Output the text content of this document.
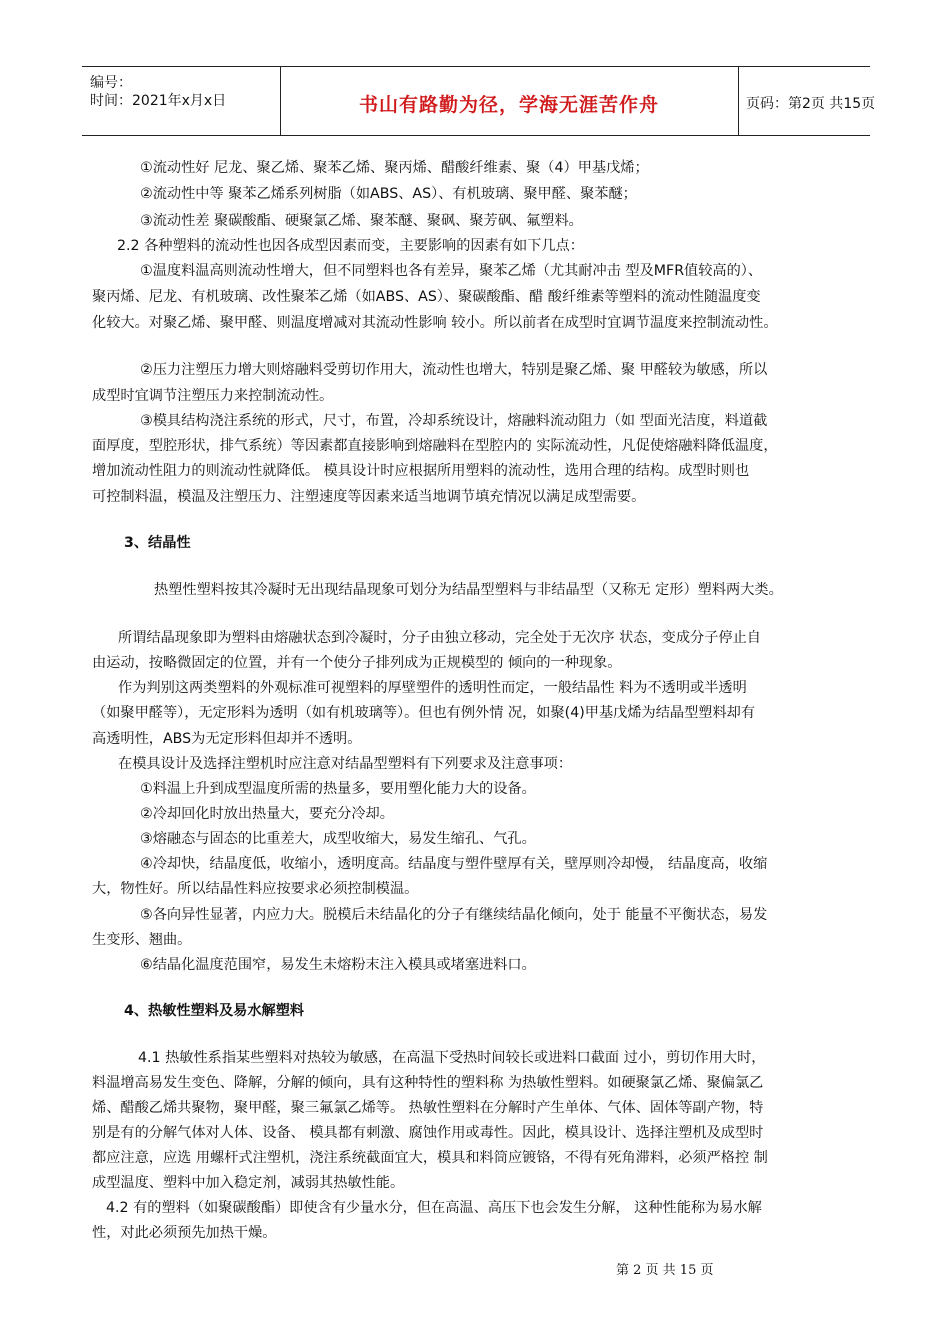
编号：
时间：2021年x月x日	书山有路勤为径，学海无涯苦作舟	页码：第2页 共15页
①流动性好 尼龙、聚乙烯、聚苯乙烯、聚丙烯、醋酸纤维素、聚（4）甲基戊烯；
②流动性中等 聚苯乙烯系列树脂（如ABS、AS）、有机玻璃、聚甲醛、聚苯醚；
③流动性差 聚碳酸酯、硬聚氯乙烯、聚苯醚、聚砜、聚芳砜、氟塑料。
2.2 各种塑料的流动性也因各成型因素而变，主要影响的因素有如下几点：
①温度料温高则流动性增大，但不同塑料也各有差异，聚苯乙烯（尤其耐冲击 型及MFR值较高的）、
聚丙烯、尼龙、有机玻璃、改性聚苯乙烯（如ABS、AS）、聚碳酸酯、醋 酸纤维素等塑料的流动性随温度变
化较大。对聚乙烯、聚甲醛、则温度增减对其流动性影响 较小。所以前者在成型时宜调节温度来控制流动性。
②压力注塑压力增大则熔融料受剪切作用大，流动性也增大，特别是聚乙烯、聚 甲醛较为敏感，所以
成型时宜调节注塑压力来控制流动性。
③模具结构浇注系统的形式，尺寸，布置，冷却系统设计，熔融料流动阻力（如 型面光洁度，料道截
面厚度，型腔形状，排气系统）等因素都直接影响到熔融料在型腔内的 实际流动性，凡促使熔融料降低温度，
增加流动性阻力的则流动性就降低。 模具设计时应根据所用塑料的流动性，选用合理的结构。成型时则也
可控制料温，模温及注塑压力、注塑速度等因素来适当地调节填充情况以满足成型需要。
3、结晶性
热塑性塑料按其冷凝时无出现结晶现象可划分为结晶型塑料与非结晶型（又称无 定形）塑料两大类。
所谓结晶现象即为塑料由熔融状态到冷凝时，分子由独立移动，完全处于无次序 状态，变成分子停止自
由运动，按略微固定的位置，并有一个使分子排列成为正规模型的 倾向的一种现象。
作为判别这两类塑料的外观标准可视塑料的厚壁塑件的透明性而定，一般结晶性 料为不透明或半透明
（如聚甲醛等），无定形料为透明（如有机玻璃等）。但也有例外情 况，如聚(4)甲基戊烯为结晶型塑料却有
高透明性，ABS为无定形料但却并不透明。
在模具设计及选择注塑机时应注意对结晶型塑料有下列要求及注意事项：
①料温上升到成型温度所需的热量多，要用塑化能力大的设备。
②冷却回化时放出热量大，要充分冷却。
③熔融态与固态的比重差大，成型收缩大，易发生缩孔、气孔。
④冷却快，结晶度低，收缩小，透明度高。结晶度与塑件壁厚有关，壁厚则冷却慢， 结晶度高，收缩
大，物性好。所以结晶性料应按要求必须控制模温。
⑤各向异性显著，内应力大。脱模后未结晶化的分子有继续结晶化倾向，处于 能量不平衡状态，易发
生变形、翘曲。
⑥结晶化温度范围窄，易发生未熔粉末注入模具或堵塞进料口。
4、热敏性塑料及易水解塑料
4.1 热敏性系指某些塑料对热较为敏感，在高温下受热时间较长或进料口截面 过小，剪切作用大时，
料温增高易发生变色、降解，分解的倾向，具有这种特性的塑料称 为热敏性塑料。如硬聚氯乙烯、聚偏氯乙
烯、醋酸乙烯共聚物，聚甲醛，聚三氟氯乙烯等。 热敏性塑料在分解时产生单体、气体、固体等副产物，特
别是有的分解气体对人体、设备、 模具都有刺激、腐蚀作用或毒性。因此，模具设计、选择注塑机及成型时
都应注意，应选 用螺杆式注塑机，浇注系统截面宜大，模具和料筒应镀铬，不得有死角滞料，必须严格控 制
成型温度、塑料中加入稳定剂，减弱其热敏性能。
4.2 有的塑料（如聚碳酸酯）即使含有少量水分，但在高温、高压下也会发生分解， 这种性能称为易水解
性，对此必须预先加热干燥。
第 2 页 共 15 页
